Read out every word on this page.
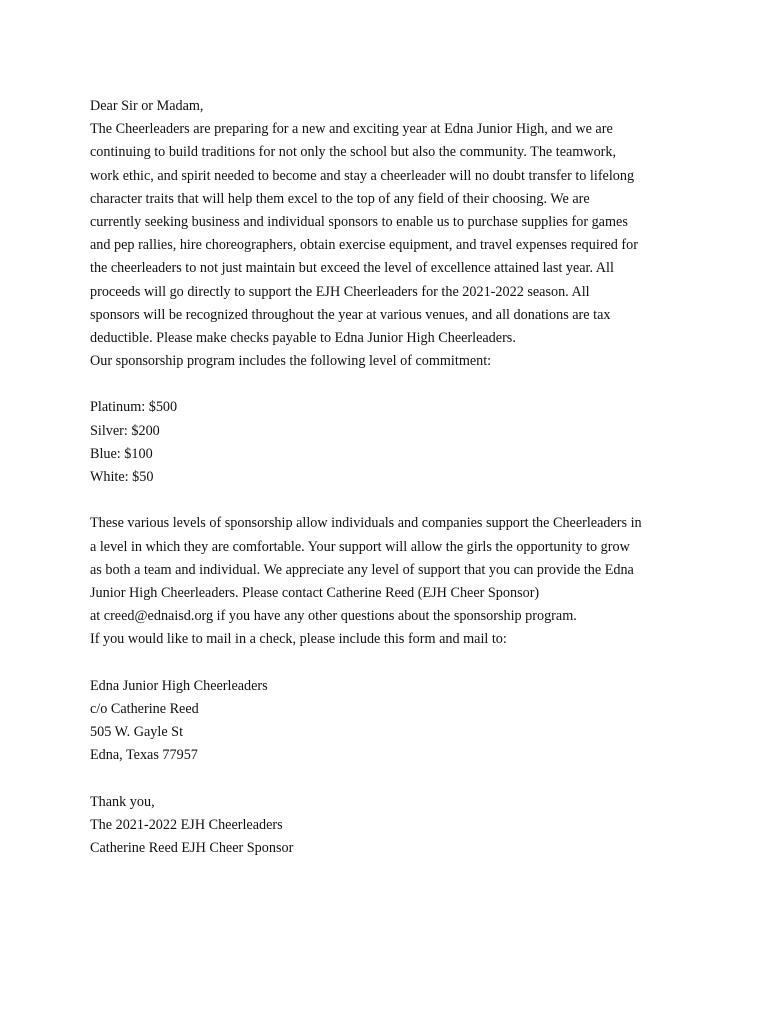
Dear Sir or Madam,
The Cheerleaders are preparing for a new and exciting year at Edna Junior High, and we are
continuing to build traditions for not only the school but also the community. The teamwork,
work ethic, and spirit needed to become and stay a cheerleader will no doubt transfer to lifelong
character traits that will help them excel to the top of any field of their choosing. We are
currently seeking business and individual sponsors to enable us to purchase supplies for games
and pep rallies, hire choreographers, obtain exercise equipment, and travel expenses required for
the cheerleaders to not just maintain but exceed the level of excellence attained last year. All
proceeds will go directly to support the EJH Cheerleaders for the 2021-2022 season. All
sponsors will be recognized throughout the year at various venues, and all donations are tax
deductible. Please make checks payable to Edna Junior High Cheerleaders.
Our sponsorship program includes the following level of commitment:
Platinum: $500
Silver: $200
Blue: $100
White: $50
These various levels of sponsorship allow individuals and companies support the Cheerleaders in
a level in which they are comfortable. Your support will allow the girls the opportunity to grow
as both a team and individual. We appreciate any level of support that you can provide the Edna
Junior High Cheerleaders. Please contact Catherine Reed (EJH Cheer Sponsor)
at creed@ednaisd.org if you have any other questions about the sponsorship program.
If you would like to mail in a check, please include this form and mail to:
Edna Junior High Cheerleaders
c/o Catherine Reed
505 W. Gayle St
Edna, Texas 77957
Thank you,
The 2021-2022 EJH Cheerleaders
Catherine Reed EJH Cheer Sponsor
